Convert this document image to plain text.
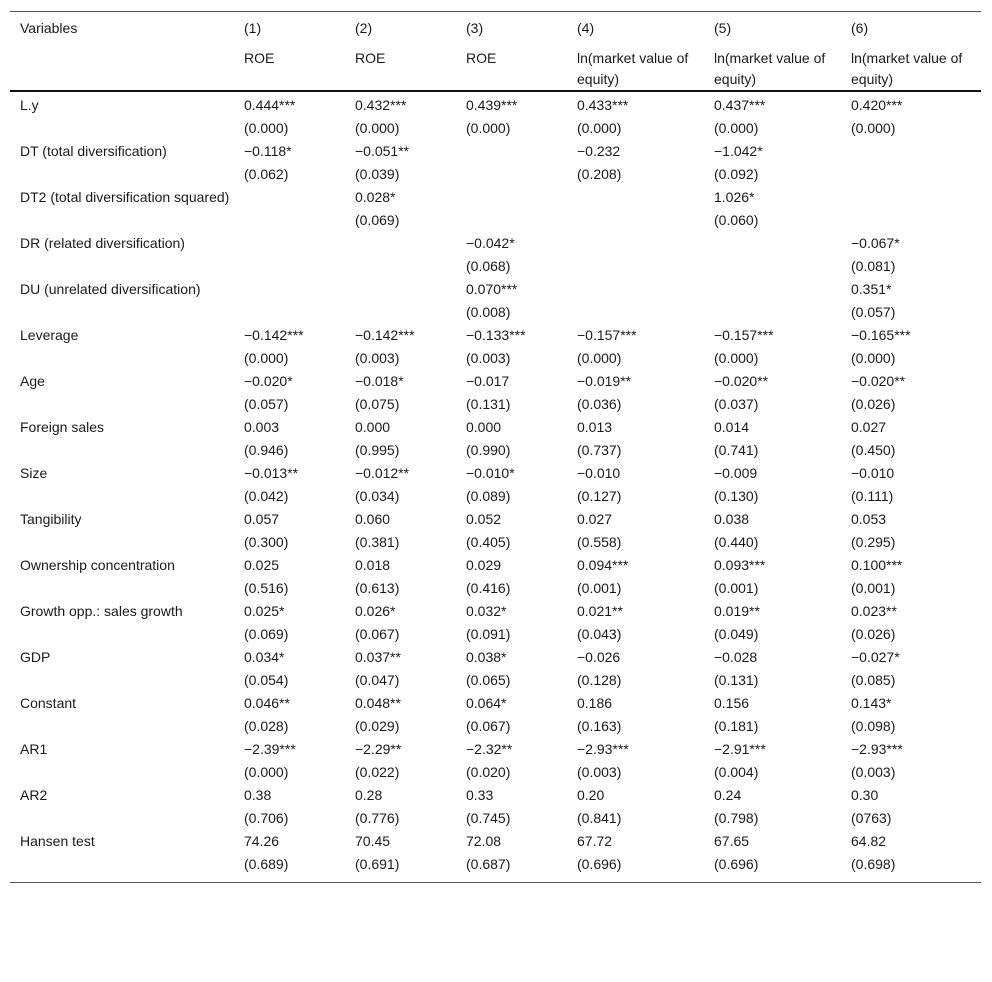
Variables	(1)	(2)	(3)	(4)	(5)	(6)
	ROE	ROE	ROE	ln(market value of equity)	ln(market value of equity)	ln(market value of equity)
L.y	0.444***	0.432***	0.439***	0.433***	0.437***	0.420***
	(0.000)	(0.000)	(0.000)	(0.000)	(0.000)	(0.000)
DT (total diversification)	−0.118*	−0.051**		−0.232	−1.042*	
	(0.062)	(0.039)		(0.208)	(0.092)	
DT2 (total diversification squared)		0.028*			1.026*	
		(0.069)			(0.060)	
DR (related diversification)			−0.042*			−0.067*
			(0.068)			(0.081)
DU (unrelated diversification)			0.070***			0.351*
			(0.008)			(0.057)
Leverage	−0.142***	−0.142***	−0.133***	−0.157***	−0.157***	−0.165***
	(0.000)	(0.003)	(0.003)	(0.000)	(0.000)	(0.000)
Age	−0.020*	−0.018*	−0.017	−0.019**	−0.020**	−0.020**
	(0.057)	(0.075)	(0.131)	(0.036)	(0.037)	(0.026)
Foreign sales	0.003	0.000	0.000	0.013	0.014	0.027
	(0.946)	(0.995)	(0.990)	(0.737)	(0.741)	(0.450)
Size	−0.013**	−0.012**	−0.010*	−0.010	−0.009	−0.010
	(0.042)	(0.034)	(0.089)	(0.127)	(0.130)	(0.111)
Tangibility	0.057	0.060	0.052	0.027	0.038	0.053
	(0.300)	(0.381)	(0.405)	(0.558)	(0.440)	(0.295)
Ownership concentration	0.025	0.018	0.029	0.094***	0.093***	0.100***
	(0.516)	(0.613)	(0.416)	(0.001)	(0.001)	(0.001)
Growth opp.: sales growth	0.025*	0.026*	0.032*	0.021**	0.019**	0.023**
	(0.069)	(0.067)	(0.091)	(0.043)	(0.049)	(0.026)
GDP	0.034*	0.037**	0.038*	−0.026	−0.028	−0.027*
	(0.054)	(0.047)	(0.065)	(0.128)	(0.131)	(0.085)
Constant	0.046**	0.048**	0.064*	0.186	0.156	0.143*
	(0.028)	(0.029)	(0.067)	(0.163)	(0.181)	(0.098)
AR1	−2.39***	−2.29**	−2.32**	−2.93***	−2.91***	−2.93***
	(0.000)	(0.022)	(0.020)	(0.003)	(0.004)	(0.003)
AR2	0.38	0.28	0.33	0.20	0.24	0.30
	(0.706)	(0.776)	(0.745)	(0.841)	(0.798)	(0763)
Hansen test	74.26	70.45	72.08	67.72	67.65	64.82
	(0.689)	(0.691)	(0.687)	(0.696)	(0.696)	(0.698)
